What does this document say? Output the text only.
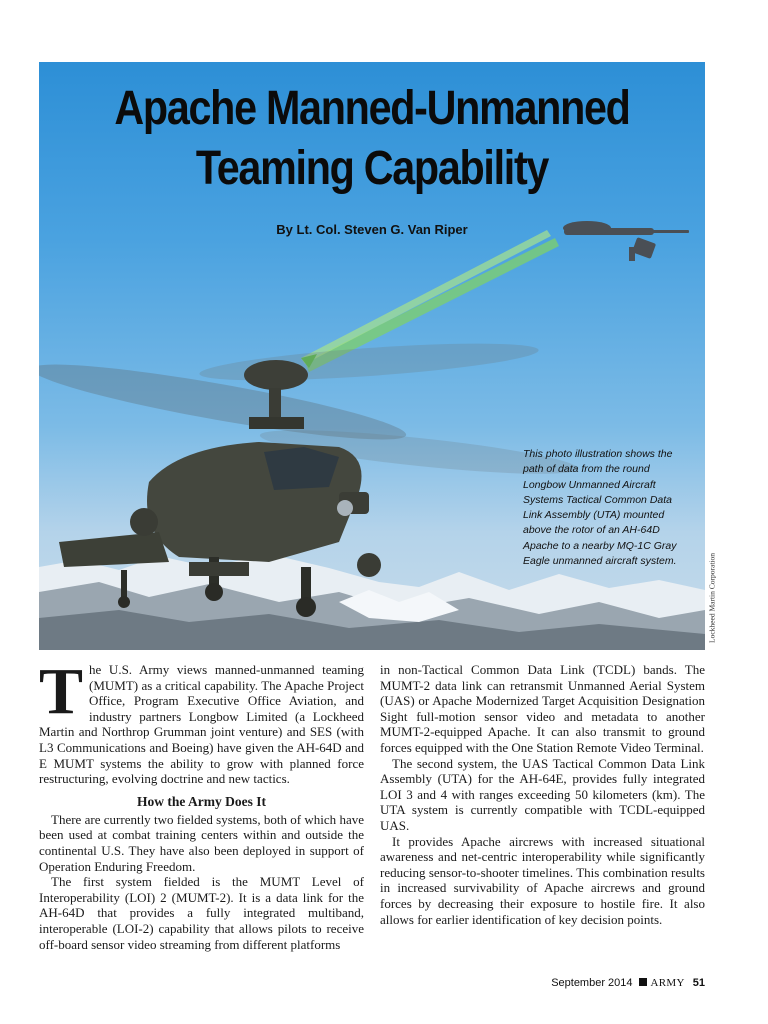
Apache Manned-Unmanned
Teaming Capability
By Lt. Col. Steven G. Van Riper
This photo illustration shows the path of data from the round Longbow Unmanned Aircraft Systems Tactical Common Data Link Assembly (UTA) mounted above the rotor of an AH-64D Apache to a nearby MQ-1C Gray Eagle unmanned aircraft system.	Lockheed Martin Corporation

The U.S. Army views manned-unmanned teaming (MUMT) as a critical capability. The Apache Project Office, Program Executive Office Aviation, and industry partners Longbow Limited (a Lockheed Martin and Northrop Grumman joint venture) and SES (with L3 Communications and Boeing) have given the AH-64D and E MUMT systems the ability to grow with planned force restructuring, evolving doctrine and new tactics.

How the Army Does It

There are currently two fielded systems, both of which have been used at combat training centers within and outside the continental U.S. They have also been deployed in support of Operation Enduring Freedom.

The first system fielded is the MUMT Level of Interoperability (LOI) 2 (MUMT-2). It is a data link for the AH-64D that provides a fully integrated multiband, interoperable (LOI-2) capability that allows pilots to receive off-board sensor video streaming from different platforms

in non-Tactical Common Data Link (TCDL) bands. The MUMT-2 data link can retransmit Unmanned Aerial System (UAS) or Apache Modernized Target Acquisition Designation Sight full-motion sensor video and metadata to another MUMT-2-equipped Apache. It can also transmit to ground forces equipped with the One Station Remote Video Terminal.

The second system, the UAS Tactical Common Data Link Assembly (UTA) for the AH-64E, provides fully integrated LOI 3 and 4 with ranges exceeding 50 kilometers (km). The UTA system is currently compatible with TCDL-equipped UAS.

It provides Apache aircrews with increased situational awareness and net-centric interoperability while significantly reducing sensor-to-shooter timelines. This combination results in increased survivability of Apache aircrews and ground forces by decreasing their exposure to hostile fire. It also allows for earlier identification of key decision points.

September 2014 ARMY 51
